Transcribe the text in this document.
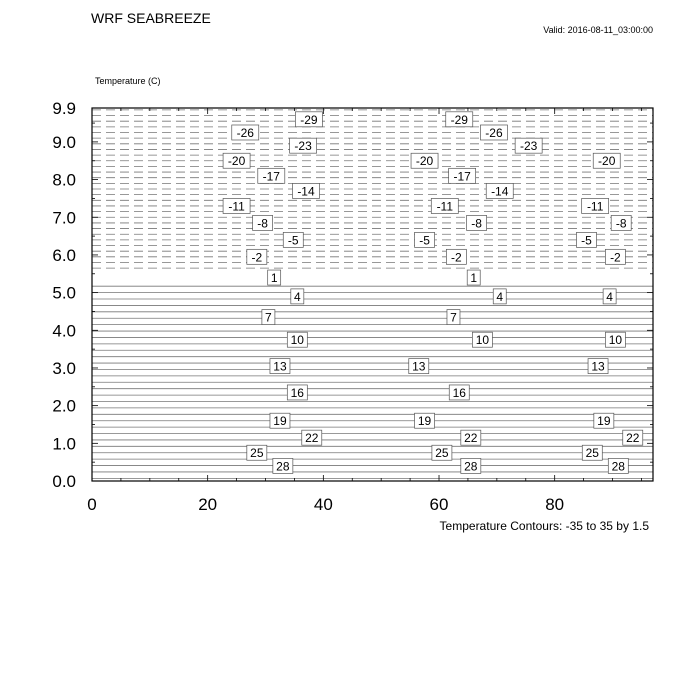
WRF SEABREEZE
Valid: 2016-08-11_03:00:00
Temperature (C)
Temperature Contours: -35 to 35 by 1.5
-29	-29
-26	-26
-23	-23
-20	-20	-20
-17	-17
-14	-14
-11	-11	-11
-8	-8	-8
-5	-5	-5
-2	-2	-2
1	1
4	4	4
7	7
10	10	10
13	13	13
16	16
19	19	19
22	22	22
25	25	25
28	28	28
0	20	40	60	80
0.0
1.0
2.0
3.0
4.0
5.0
6.0
7.0
8.0
9.0
9.9
